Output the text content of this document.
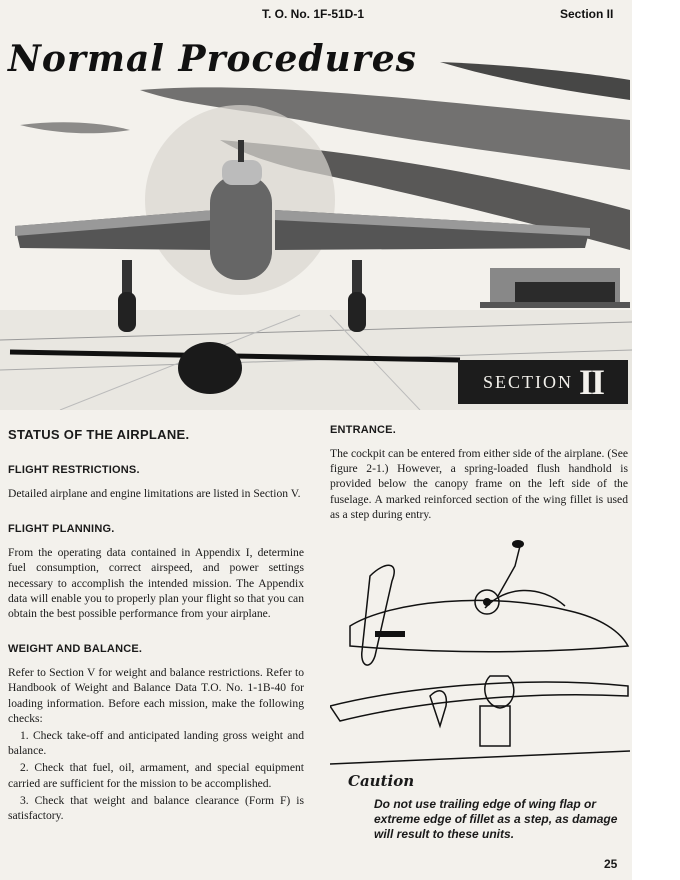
T. O. No. 1F-51D-1	Section II
Normal Procedures
SECTION II
STATUS OF THE AIRPLANE.
FLIGHT RESTRICTIONS.

Detailed airplane and engine limitations are listed in Section V.

FLIGHT PLANNING.

From the operating data contained in Appendix I, determine fuel consumption, correct airspeed, and power settings necessary to accomplish the intended mission. The Appendix data will enable you to properly plan your flight so that you can obtain the best possible performance from your airplane.

WEIGHT AND BALANCE.

Refer to Section V for weight and balance restrictions. Refer to Handbook of Weight and Balance Data T.O. No. 1-1B-40 for loading information. Before each mission, make the following checks:

1. Check take-off and anticipated landing gross weight and balance.

2. Check that fuel, oil, armament, and special equipment carried are sufficient for the mission to be accomplished.

3. Check that weight and balance clearance (Form F) is satisfactory.

ENTRANCE.

The cockpit can be entered from either side of the airplane. (See figure 2-1.) However, a spring-loaded flush handhold is provided below the canopy frame on the left side of the fuselage. A marked reinforced section of the wing fillet is used as a step during entry.

Caution
Do not use trailing edge of wing flap or extreme edge of fillet as a step, as damage will result to these units.
25
